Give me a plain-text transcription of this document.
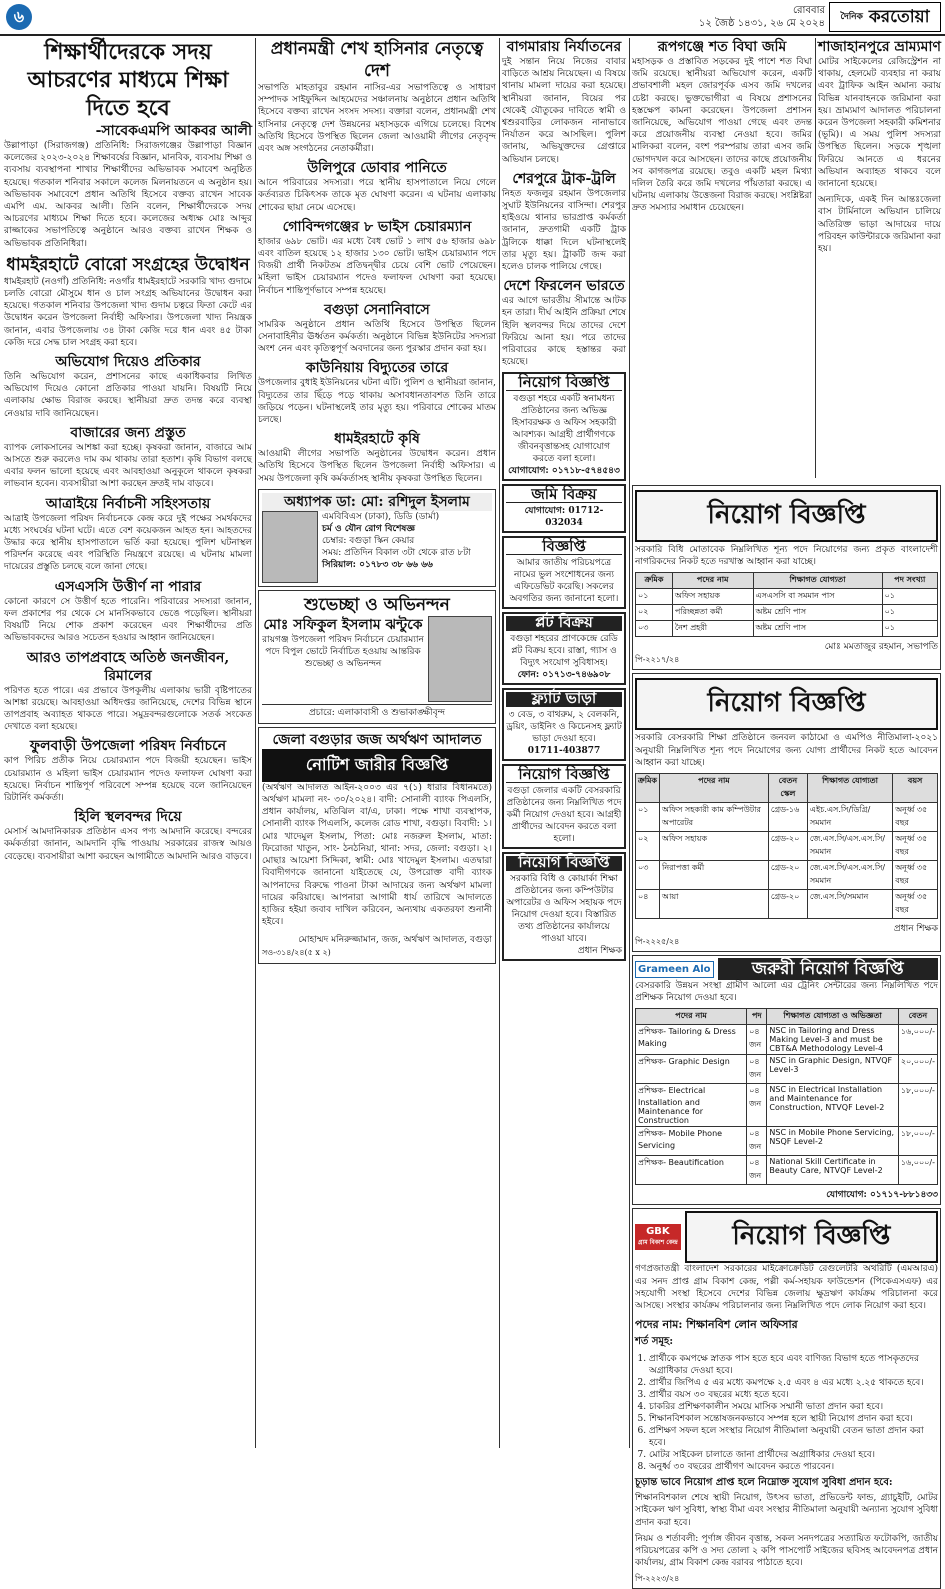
৬	রোববার
১২ জৈষ্ঠ ১৪৩১, ২৬ মে ২০২৪
$^{দৈনিক}$ করতোয়া
শিক্ষার্থীদেরকে সদয় আচরণের মাধ্যমে শিক্ষা দিতে হবে
-সাবেকএমপি আকবর আলী

উল্লাপাড়া (সিরাজগঞ্জ) প্রতিনিধি: সিরাজগঞ্জের উল্লাপাড়া বিজ্ঞান কলেজের ২০২৩-২০২৪ শিক্ষাবর্ষের বিজ্ঞান, মানবিক, ব্যবসায় শিক্ষা ও ব্যবসায় ব্যবস্থাপনা শাখার শিক্ষার্থীদের অভিভাবক সমাবেশ অনুষ্ঠিত হয়েছে। গতকাল শনিবার সকালে কলেজ মিলনায়তনে এ অনুষ্ঠান হয়। অভিভাবক সমাবেশে প্রধান অতিথি হিসেবে বক্তব্য রাখেন সাবেক এমপি এম. আকবর আলী। তিনি বলেন, শিক্ষার্থীদেরকে সদয় আচরণের মাধ্যমে শিক্ষা দিতে হবে। কলেজের অধ্যক্ষ মোঃ আব্দুর রাজ্জাকের সভাপতিত্বে অনুষ্ঠানে আরও বক্তব্য রাখেন শিক্ষক ও অভিভাবক প্রতিনিধিরা।

ধামইরহাটে বোরো সংগ্রহের উদ্বোধন

ধামইরহাট (নওগাঁ) প্রতিনিধি: নওগাঁর ধামইরহাটে সরকারি খাদ্য গুদামে চলতি বোরো মৌসুমে ধান ও চাল সংগ্রহ অভিযানের উদ্বোধন করা হয়েছে। গতকাল শনিবার উপজেলা খাদ্য গুদাম চত্বরে ফিতা কেটে এর উদ্বোধন করেন উপজেলা নির্বাহী অফিসার। উপজেলা খাদ্য নিয়ন্ত্রক জানান, এবার উপজেলায় ৩৪ টাকা কেজি দরে ধান এবং ৪৫ টাকা কেজি দরে সেদ্ধ চাল সংগ্রহ করা হবে।

অভিযোগ দিয়েও প্রতিকার

তিনি অভিযোগ করেন, প্রশাসনের কাছে একাধিকবার লিখিত অভিযোগ দিয়েও কোনো প্রতিকার পাওয়া যায়নি। বিষয়টি নিয়ে এলাকায় ক্ষোভ বিরাজ করছে। স্থানীয়রা দ্রুত তদন্ত করে ব্যবস্থা নেওয়ার দাবি জানিয়েছেন।

বাজারের জন্য প্রস্তুত

ব্যাপক লোকসানের আশঙ্কা করা হচ্ছে। কৃষকরা জানান, বাজারে আম আসতে শুরু করলেও দাম কম থাকায় তারা হতাশ। কৃষি বিভাগ বলছে এবার ফলন ভালো হয়েছে এবং আবহাওয়া অনুকূলে থাকলে কৃষকরা লাভবান হবেন। ব্যবসায়ীরা আশা করছেন দ্রুতই দাম বাড়বে।

আত্রাইয়ে নির্বাচনী সহিংসতায়

আত্রাই উপজেলা পরিষদ নির্বাচনকে কেন্দ্র করে দুই পক্ষের সমর্থকদের মধ্যে সংঘর্ষের ঘটনা ঘটে। এতে বেশ কয়েকজন আহত হন। আহতদের উদ্ধার করে স্থানীয় হাসপাতালে ভর্তি করা হয়েছে। পুলিশ ঘটনাস্থল পরিদর্শন করেছে এবং পরিস্থিতি নিয়ন্ত্রণে রয়েছে। এ ঘটনায় মামলা দায়েরের প্রস্তুতি চলছে বলে জানা গেছে।

এসএসসি উত্তীর্ণ না পারার

কোনো কারণে সে উত্তীর্ণ হতে পারেনি। পরিবারের সদস্যরা জানান, ফল প্রকাশের পর থেকে সে মানসিকভাবে ভেঙে পড়েছিল। স্থানীয়রা বিষয়টি নিয়ে শোক প্রকাশ করেছেন এবং শিক্ষার্থীদের প্রতি অভিভাবকদের আরও সচেতন হওয়ার আহ্বান জানিয়েছেন।

আরও তাপপ্রবাহে অতিষ্ঠ জনজীবন, রিমালের

পরিণত হতে পারে। এর প্রভাবে উপকূলীয় এলাকায় ভারী বৃষ্টিপাতের আশঙ্কা রয়েছে। আবহাওয়া অধিদপ্তর জানিয়েছে, দেশের বিভিন্ন স্থানে তাপপ্রবাহ অব্যাহত থাকতে পারে। সমুদ্রবন্দরগুলোকে সতর্ক সংকেত দেখাতে বলা হয়েছে।

ফুলবাড়ী উপজেলা পরিষদ নির্বাচনে

কাপ পিরিচ প্রতীক নিয়ে চেয়ারম্যান পদে বিজয়ী হয়েছেন। ভাইস চেয়ারম্যান ও মহিলা ভাইস চেয়ারম্যান পদেও ফলাফল ঘোষণা করা হয়েছে। নির্বাচন শান্তিপূর্ণ পরিবেশে সম্পন্ন হয়েছে বলে জানিয়েছেন রিটার্নিং কর্মকর্তা।

হিলি স্থলবন্দর দিয়ে

মেসার্স আমদানিকারক প্রতিষ্ঠান এসব পণ্য আমদানি করেছে। বন্দরের কর্মকর্তারা জানান, আমদানি বৃদ্ধি পাওয়ায় সরকারের রাজস্ব আয়ও বেড়েছে। ব্যবসায়ীরা আশা করছেন আগামীতে আমদানি আরও বাড়বে।

প্রধানমন্ত্রী শেখ হাসিনার নেতৃত্বে দেশ

সভাপতি মাহতাবুর রহমান নাসির-এর সভাপতিত্বে ও সাধারণ সম্পাদক সাইফুদ্দিন আহমেদের সঞ্চালনায় অনুষ্ঠানে প্রধান অতিথি হিসেবে বক্তব্য রাখেন সংসদ সদস্য। বক্তারা বলেন, প্রধানমন্ত্রী শেখ হাসিনার নেতৃত্বে দেশ উন্নয়নের মহাসড়কে এগিয়ে চলেছে। বিশেষ অতিথি হিসেবে উপস্থিত ছিলেন জেলা আওয়ামী লীগের নেতৃবৃন্দ এবং অঙ্গ সংগঠনের নেতাকর্মীরা।

উলিপুরে ডোবার পানিতে

আনে পরিবারের সদস্যরা। পরে স্থানীয় হাসপাতালে নিয়ে গেলে কর্তব্যরত চিকিৎসক তাকে মৃত ঘোষণা করেন। এ ঘটনায় এলাকায় শোকের ছায়া নেমে এসেছে।

গোবিন্দগঞ্জের ৮ ভাইস চেয়ারম্যান

হাজার ৬৯৮ ভোট। এর মধ্যে বৈধ ভোট ১ লাখ ৫৬ হাজার ৬৯৮ এবং বাতিল হয়েছে ১২ হাজার ১৩০ ভোট। ভাইস চেয়ারম্যান পদে বিজয়ী প্রার্থী নিকটতম প্রতিদ্বন্দ্বীর চেয়ে বেশি ভোট পেয়েছেন। মহিলা ভাইস চেয়ারম্যান পদেও ফলাফল ঘোষণা করা হয়েছে। নির্বাচন শান্তিপূর্ণভাবে সম্পন্ন হয়েছে।

বগুড়া সেনানিবাসে

সামরিক অনুষ্ঠানে প্রধান অতিথি হিসেবে উপস্থিত ছিলেন সেনাবাহিনীর ঊর্ধ্বতন কর্মকর্তা। অনুষ্ঠানে বিভিন্ন ইউনিটের সদস্যরা অংশ নেন এবং কৃতিত্বপূর্ণ অবদানের জন্য পুরস্কার প্রদান করা হয়।

কাউনিয়ায় বিদ্যুতের তারে

উপজেলার বুধাই ইউনিয়নের ঘটনা এটি। পুলিশ ও স্থানীয়রা জানান, বিদ্যুতের তার ছিঁড়ে পড়ে থাকায় অসাবধানতাবশত তিনি তারে জড়িয়ে পড়েন। ঘটনাস্থলেই তার মৃত্যু হয়। পরিবারে শোকের মাতম চলছে।

ধামইরহাটে কৃষি

আওয়ামী লীগের সভাপতি অনুষ্ঠানের উদ্বোধন করেন। প্রধান অতিথি হিসেবে উপস্থিত ছিলেন উপজেলা নির্বাহী অফিসার। এ সময় উপজেলা কৃষি কর্মকর্তাসহ স্থানীয় কৃষকরা উপস্থিত ছিলেন।

অধ্যাপক ডা: মো: রশিদুল ইসলাম
এমবিবিএস (ঢাকা), ডিডি (ডার্মা)
চর্ম ও যৌন রোগ বিশেষজ্ঞ
চেম্বার: বগুড়া স্কিন কেয়ার
সময়: প্রতিদিন বিকাল ৩টা থেকে রাত ৮টা
সিরিয়াল: ০১৭৮৩ ৩৮ ৬৬ ৬৬
শুভেচ্ছা ও অভিনন্দন
মোঃ সফিকুল ইসলাম ঝন্টুকে
রায়গঞ্জ উপজেলা পরিষদ নির্বাচনে চেয়ারম্যান পদে বিপুল ভোটে নির্বাচিত হওয়ায় আন্তরিক শুভেচ্ছা ও অভিনন্দন
প্রচারে: এলাকাবাসী ও শুভাকাঙ্ক্ষীবৃন্দ
জেলা বগুড়ার জজ অর্থঋণ আদালত
নোটিশ জারীর বিজ্ঞপ্তি

(অর্থঋণ আদালত আইন-২০০৩ এর ৭(১) ধারার বিধানমতে) অর্থঋণ মামলা নং- ৩০/২০২৪। বাদী: সোনালী ব্যাংক পিএলসি, প্রধান কার্যালয়, মতিঝিল বা/এ, ঢাকা। পক্ষে শাখা ব্যবস্থাপক, সোনালী ব্যাংক পিএলসি, কলেজ রোড শাখা, বগুড়া। বিবাদী: ১। মোঃ খাদেমুল ইসলাম, পিতা: মোঃ নজরুল ইসলাম, মাতা: ফিরোজা খাতুন, সাং- ঠনঠনিয়া, থানা: সদর, জেলা: বগুড়া। ২। মোছাঃ আয়েশা সিদ্দিকা, স্বামী: মোঃ খাদেমুল ইসলাম। এতদ্বারা বিবাদীগণকে জানানো যাইতেছে যে, উপরোক্ত বাদী ব্যাংক আপনাদের বিরুদ্ধে পাওনা টাকা আদায়ের জন্য অর্থঋণ মামলা দায়ের করিয়াছে। আপনারা আগামী ধার্য তারিখে আদালতে হাজির হইয়া জবাব দাখিল করিবেন, অন্যথায় একতরফা শুনানী হইবে।

মোহাম্মদ মনিরুজ্জামান, জজ, অর্থঋণ আদালত, বগুড়া
সও-৩১৪/২৪(৫ x ২)
বাগমারায় নির্যাতনের

দুই সন্তান নিয়ে নিজের বাবার বাড়িতে আশ্রয় নিয়েছেন। এ বিষয়ে থানায় মামলা দায়ের করা হয়েছে। স্থানীয়রা জানান, বিয়ের পর থেকেই যৌতুকের দাবিতে স্বামী ও শ্বশুরবাড়ির লোকজন নানাভাবে নির্যাতন করে আসছিল। পুলিশ জানায়, অভিযুক্তদের গ্রেপ্তারে অভিযান চলছে।

শেরপুরে ট্রাক-ট্রলি

নিহত ফজলুর রহমান উপজেলার সুঘাট ইউনিয়নের বাসিন্দা। শেরপুর হাইওয়ে থানার ভারপ্রাপ্ত কর্মকর্তা জানান, দ্রুতগামী একটি ট্রাক ট্রলিকে ধাক্কা দিলে ঘটনাস্থলেই তার মৃত্যু হয়। ট্রাকটি জব্দ করা হলেও চালক পালিয়ে গেছে।

দেশে ফিরলেন ভারতে

এর আগে ভারতীয় সীমান্তে আটক হন তারা। দীর্ঘ আইনি প্রক্রিয়া শেষে হিলি স্থলবন্দর দিয়ে তাদের দেশে ফিরিয়ে আনা হয়। পরে তাদের পরিবারের কাছে হস্তান্তর করা হয়েছে।

নিয়োগ বিজ্ঞপ্তি
বগুড়া শহরে একটি স্বনামধন্য প্রতিষ্ঠানের জন্য অভিজ্ঞ হিসাবরক্ষক ও অফিস সহকারী আবশ্যক। আগ্রহী প্রার্থীগণকে জীবনবৃত্তান্তসহ যোগাযোগ করতে বলা হলো।
যোগাযোগ: ০১৭১৮-৫৭৪৫৪৩
জমি বিক্রয়
যোগাযোগ: 01712-032034
বিজ্ঞপ্তি
আমার জাতীয় পরিচয়পত্রে নামের ভুল সংশোধনের জন্য এফিডেভিট করেছি। সকলের অবগতির জন্য জানানো হলো।
প্লট বিক্রয়
বগুড়া শহরের প্রাণকেন্দ্রে রেডি প্লট বিক্রয় হবে। রাস্তা, গ্যাস ও বিদ্যুৎ সংযোগ সুবিধাসহ।
ফোন: ০১৭১৩-৭৪৬৯০৮
ফ্ল্যাট ভাড়া
৩ বেড, ৩ বাথরুম, ২ বেলকনি, ড্রয়িং, ডাইনিং ও কিচেনসহ ফ্ল্যাট ভাড়া দেওয়া হবে।
01711-403877
নিয়োগ বিজ্ঞপ্তি
বগুড়া জেলার একটি বেসরকারি প্রতিষ্ঠানের জন্য নিম্নলিখিত পদে কর্মী নিয়োগ দেওয়া হবে। আগ্রহী প্রার্থীদের আবেদন করতে বলা হলো।
নিয়োগ বিজ্ঞপ্তি
সরকারি বিধি ও কোয়ার্কা শিক্ষা প্রতিষ্ঠানের জন্য কম্পিউটার অপারেটর ও অফিস সহায়ক পদে নিয়োগ দেওয়া হবে। বিস্তারিত তথ্য প্রতিষ্ঠানের কার্যালয়ে পাওয়া যাবে।
প্রধান শিক্ষক
রূপগঞ্জে শত বিঘা জমি

মহাসড়ক ও প্রস্তাবিত সড়কের দুই পাশে শত বিঘা জমি রয়েছে। স্থানীয়রা অভিযোগ করেন, একটি প্রভাবশালী মহল জোরপূর্বক এসব জমি দখলের চেষ্টা করছে। ভুক্তভোগীরা এ বিষয়ে প্রশাসনের হস্তক্ষেপ কামনা করেছেন। উপজেলা প্রশাসন জানিয়েছে, অভিযোগ পাওয়া গেছে এবং তদন্ত করে প্রয়োজনীয় ব্যবস্থা নেওয়া হবে। জমির মালিকরা বলেন, বংশ পরম্পরায় তারা এসব জমি ভোগদখল করে আসছেন। তাদের কাছে প্রয়োজনীয় সব কাগজপত্র রয়েছে। তবুও একটি মহল মিথ্যা দলিল তৈরি করে জমি দখলের পাঁয়তারা করছে। এ ঘটনায় এলাকায় উত্তেজনা বিরাজ করছে। সংশ্লিষ্টরা দ্রুত সমস্যার সমাধান চেয়েছেন।

শাজাহানপুরে ভ্রাম্যমাণ

মোটর সাইকেলের রেজিস্ট্রেশন না থাকায়, হেলমেট ব্যবহার না করায় এবং ট্রাফিক আইন অমান্য করায় বিভিন্ন যানবাহনকে জরিমানা করা হয়। ভ্রাম্যমাণ আদালত পরিচালনা করেন উপজেলা সহকারী কমিশনার (ভূমি)। এ সময় পুলিশ সদস্যরা উপস্থিত ছিলেন। সড়কে শৃঙ্খলা ফিরিয়ে আনতে এ ধরনের অভিযান অব্যাহত থাকবে বলে জানানো হয়েছে।

অন্যদিকে, একই দিন আন্তঃজেলা বাস টার্মিনালে অভিযান চালিয়ে অতিরিক্ত ভাড়া আদায়ের দায়ে পরিবহন কাউন্টারকে জরিমানা করা হয়।

নিয়োগ বিজ্ঞপ্তি

সরকারি বিধি মোতাবেক নিম্নলিখিত শূন্য পদে নিয়োগের জন্য প্রকৃত বাংলাদেশী নাগরিকদের নিকট হতে দরখাস্ত আহ্বান করা যাচ্ছে।

ক্রমিক	পদের নাম	শিক্ষাগত যোগ্যতা	পদ সংখ্যা
০১	অফিস সহায়ক	এসএসসি বা সমমান পাস	০১
০২	পরিচ্ছন্নতা কর্মী	অষ্টম শ্রেণি পাস	০১
০৩	নৈশ প্রহরী	অষ্টম শ্রেণি পাস	০১
মোঃ মমতাজুর রহমান, সভাপতি
পি-২২১৭/২৪
নিয়োগ বিজ্ঞপ্তি

সরকারি বেসরকারি শিক্ষা প্রতিষ্ঠানে জনবল কাঠামো ও এমপিও নীতিমালা-২০২১ অনুযায়ী নিম্নলিখিত শূন্য পদে নিয়োগের জন্য যোগ্য প্রার্থীদের নিকট হতে আবেদন আহ্বান করা যাচ্ছে।

ক্রমিক	পদের নাম	বেতন স্কেল	শিক্ষাগত যোগ্যতা	বয়স
০১	অফিস সহকারী কাম কম্পিউটার অপারেটর	গ্রেড-১৬	এইচ.এস.সি/ডিগ্রি/সমমান	অনূর্ধ্ব ৩৫ বছর
০২	অফিস সহায়ক	গ্রেড-২০	জে.এস.সি/এস.এস.সি/সমমান	অনূর্ধ্ব ৩৫ বছর
০৩	নিরাপত্তা কর্মী	গ্রেড-২০	জে.এস.সি/এস.এস.সি/সমমান	অনূর্ধ্ব ৩৫ বছর
০৪	আয়া	গ্রেড-২০	জে.এস.সি/সমমান	অনূর্ধ্ব ৩৫ বছর
প্রধান শিক্ষক
পি-২২২৫/২৪
Grameen Alo	জরুরী নিয়োগ বিজ্ঞপ্তি

বেসরকারি উন্নয়ন সংস্থা গ্রামীণ আলো এর ট্রেনিং সেন্টারের জন্য নিম্নলিখিত পদে প্রশিক্ষক নিয়োগ দেওয়া হবে।

পদের নাম	পদ	শিক্ষাগত যোগ্যতা ও অভিজ্ঞতা	বেতন
প্রশিক্ষক- Tailoring & Dress Making	০৪ জন	NSC in Tailoring and Dress Making Level-3 and must be CBT&A Methodology Level-4	১৬,০০০/-
প্রশিক্ষক- Graphic Design	০৪ জন	NSC in Graphic Design, NTVQF Level-3	২০,০০০/-
প্রশিক্ষক- Electrical Installation and Maintenance for Construction	০৪ জন	NSC in Electrical Installation and Maintenance for Construction, NTVQF Level-2	১৮,০০০/-
প্রশিক্ষক- Mobile Phone Servicing	০৪ জন	NSC in Mobile Phone Servicing, NSQF Level-2	১৮,০০০/-
প্রশিক্ষক- Beautification	০৪ জন	National Skill Certificate in Beauty Care, NTVQF Level-2	১৬,০০০/-
যোগাযোগ: ০১৭১৭-৮৮১৪৩৩
GBK
গ্রাম বিকাশ কেন্দ্র	নিয়োগ বিজ্ঞপ্তি

গণপ্রজাতন্ত্রী বাংলাদেশ সরকারের মাইক্রোক্রেডিট রেগুলেটরি অথরিটি (এমআরএ) এর সনদ প্রাপ্ত গ্রাম বিকাশ কেন্দ্র, পল্লী কর্ম-সহায়ক ফাউন্ডেশন (পিকেএসএফ) এর সহযোগী সংস্থা হিসেবে দেশের বিভিন্ন জেলায় ক্ষুদ্রঋণ কার্যক্রম পরিচালনা করে আসছে। সংস্থার কার্যক্রম পরিচালনার জন্য নিম্নলিখিত পদে লোক নিয়োগ করা হবে।

পদের নাম: শিক্ষানবিশ লোন অফিসার
শর্ত সমূহ:
1. প্রার্থীকে কমপক্ষে স্নাতক পাস হতে হবে এবং বাণিজ্য বিভাগ হতে পাসকৃতদের অগ্রাধিকার দেওয়া হবে।
2. প্রার্থীর জিপিএ ৫ এর মধ্যে কমপক্ষে ২.৫ এবং ৪ এর মধ্যে ২.২৫ থাকতে হবে।
3. প্রার্থীর বয়স ৩০ বছরের মধ্যে হতে হবে।
4. চাকরির প্রশিক্ষণকালীন সময়ে মাসিক সম্মানী ভাতা প্রদান করা হবে।
5. শিক্ষানবিশকাল সন্তোষজনকভাবে সম্পন্ন হলে স্থায়ী নিয়োগ প্রদান করা হবে।
6. প্রশিক্ষণ সফল হলে সংস্থার নিয়োগ নীতিমালা অনুযায়ী বেতন ভাতা প্রদান করা হবে।
7. মোটর সাইকেল চালাতে জানা প্রার্থীদের অগ্রাধিকার দেওয়া হবে।
8. অনুর্ধ্ব ৩০ বছরের প্রার্থীগণ আবেদন করতে পারবেন।
চূড়ান্ত ভাবে নিয়োগ প্রাপ্ত হলে নিম্নোক্ত সুযোগ সুবিধা প্রদান হবে:

শিক্ষানবিশকাল শেষে স্থায়ী নিয়োগ, উৎসব ভাতা, প্রভিডেন্ট ফান্ড, গ্র্যাচুইটি, মোটর সাইকেল ঋণ সুবিধা, স্বাস্থ্য বীমা এবং সংস্থার নীতিমালা অনুযায়ী অন্যান্য সুযোগ সুবিধা প্রদান করা হবে।

নিয়ম ও শর্তাবলী: পূর্ণাঙ্গ জীবন বৃত্তান্ত, সকল সনদপত্রের সত্যায়িত ফটোকপি, জাতীয় পরিচয়পত্রের কপি ও সদ্য তোলা ২ কপি পাসপোর্ট সাইজের ছবিসহ আবেদনপত্র প্রধান কার্যালয়, গ্রাম বিকাশ কেন্দ্র বরাবর পাঠাতে হবে।

পি-২২২৩/২৪
